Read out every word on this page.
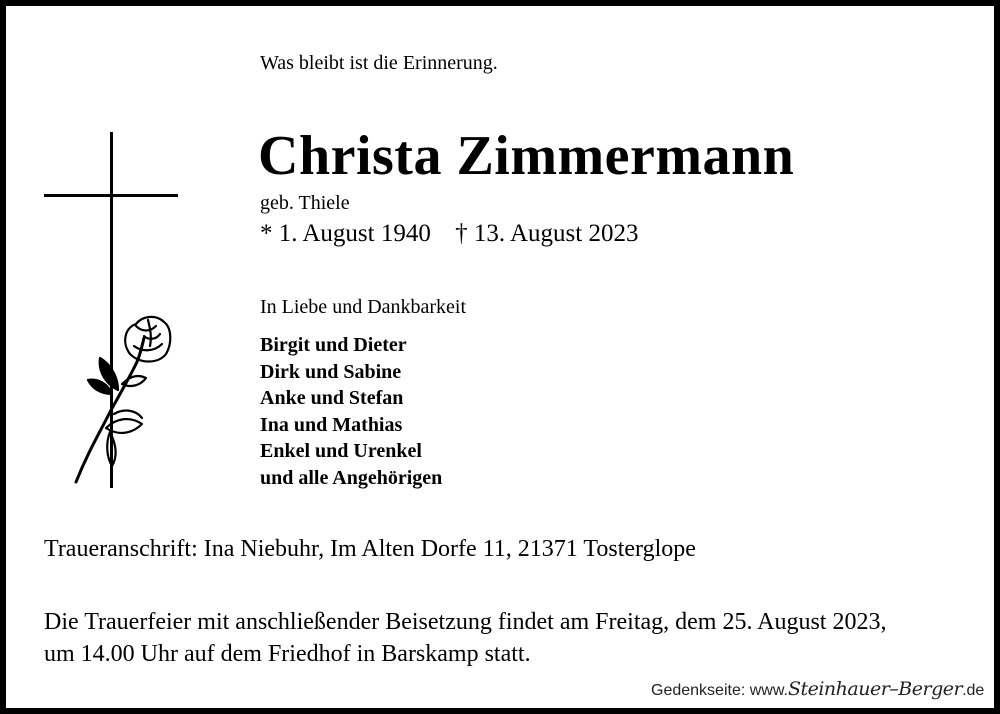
Was bleibt ist die Erinnerung.
Christa Zimmermann
geb. Thiele
* 1. August 1940 † 13. August 2023
In Liebe und Dankbarkeit
Birgit und Dieter
Dirk und Sabine
Anke und Stefan
Ina und Mathias
Enkel und Urenkel
und alle Angehörigen
Traueranschrift: Ina Niebuhr, Im Alten Dorfe 11, 21371 Tosterglope
Die Trauerfeier mit anschließender Beisetzung findet am Freitag, dem 25. August 2023,
um 14.00 Uhr auf dem Friedhof in Barskamp statt.
Gedenkseite: www.Steinhauer–Berger.de
